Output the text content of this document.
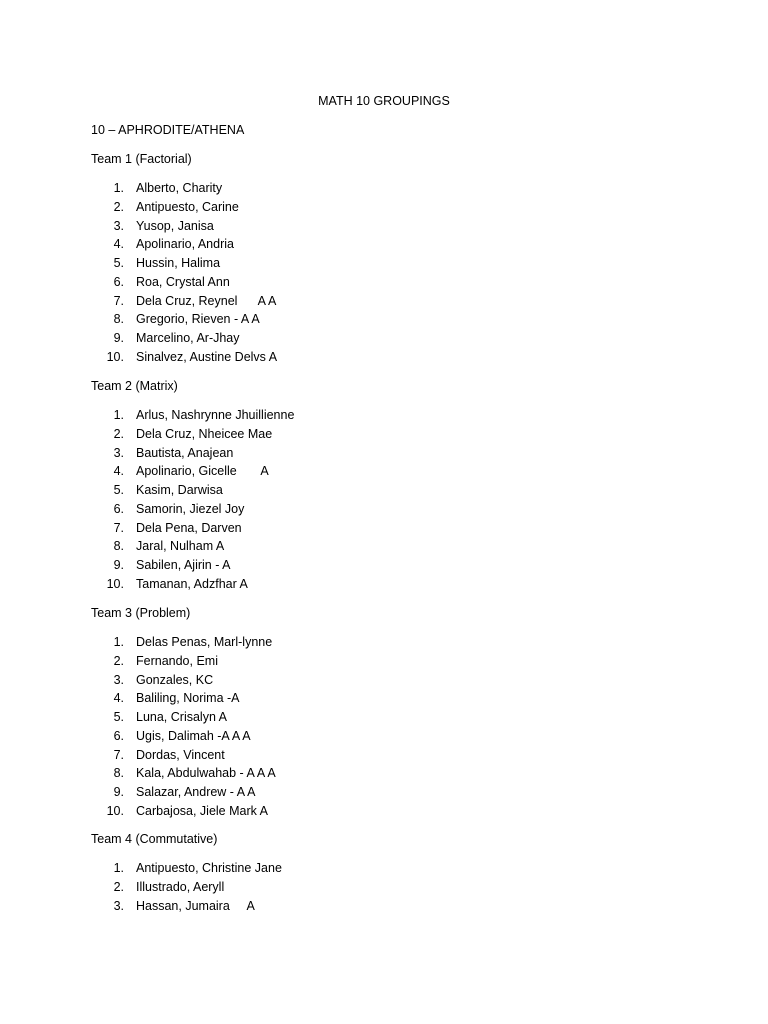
MATH 10 GROUPINGS
10 – APHRODITE/ATHENA
Team 1 (Factorial)
1. Alberto, Charity
2. Antipuesto, Carine
3. Yusop, Janisa
4. Apolinario, Andria
5. Hussin, Halima
6. Roa, Crystal Ann
7. Dela Cruz, Reynel      A A
8. Gregorio, Rieven - A A
9. Marcelino, Ar-Jhay
10. Sinalvez, Austine Delvs A
Team 2 (Matrix)
1. Arlus, Nashrynne Jhuillienne
2. Dela Cruz, Nheicee Mae
3. Bautista, Anajean
4. Apolinario, Gicelle       A
5. Kasim, Darwisa
6. Samorin, Jiezel Joy
7. Dela Pena, Darven
8. Jaral, Nulham A
9. Sabilen, Ajirin - A
10. Tamanan, Adzfhar A
Team 3 (Problem)
1. Delas Penas, Marl-lynne
2. Fernando, Emi
3. Gonzales, KC
4. Baliling, Norima -A
5. Luna, Crisalyn A
6. Ugis, Dalimah -A A A
7. Dordas, Vincent
8. Kala, Abdulwahab - A A A
9. Salazar, Andrew - A A
10. Carbajosa, Jiele Mark A
Team 4 (Commutative)
1. Antipuesto, Christine Jane
2. Illustrado, Aeryll
3. Hassan, Jumaira     A
